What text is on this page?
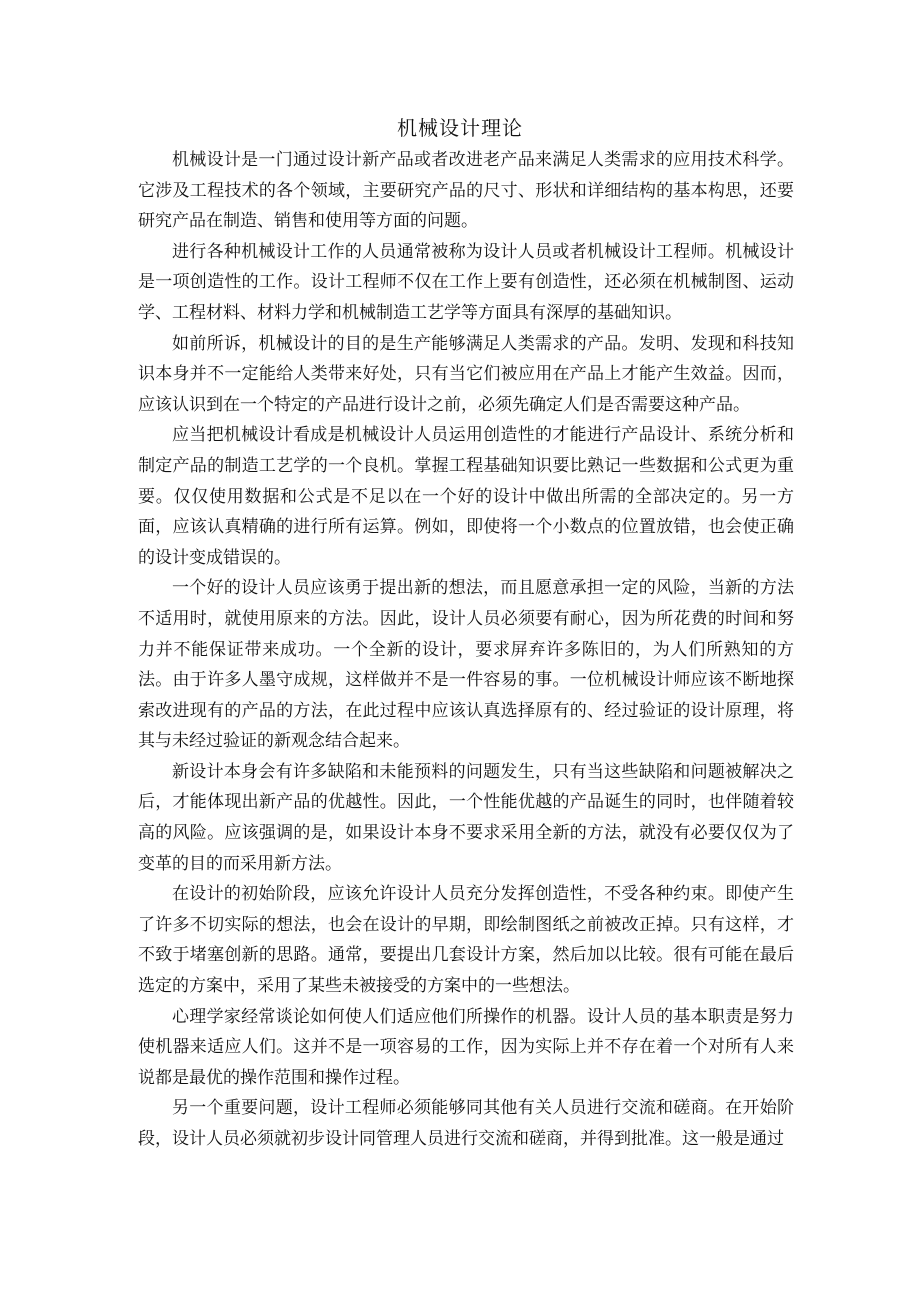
机械设计理论

机械设计是一门通过设计新产品或者改进老产品来满足人类需求的应用技术科学。它涉及工程技术的各个领域，主要研究产品的尺寸、形状和详细结构的基本构思，还要研究产品在制造、销售和使用等方面的问题。

进行各种机械设计工作的人员通常被称为设计人员或者机械设计工程师。机械设计是一项创造性的工作。设计工程师不仅在工作上要有创造性，还必须在机械制图、运动学、工程材料、材料力学和机械制造工艺学等方面具有深厚的基础知识。

如前所诉，机械设计的目的是生产能够满足人类需求的产品。发明、发现和科技知识本身并不一定能给人类带来好处，只有当它们被应用在产品上才能产生效益。因而，应该认识到在一个特定的产品进行设计之前，必须先确定人们是否需要这种产品。

应当把机械设计看成是机械设计人员运用创造性的才能进行产品设计、系统分析和制定产品的制造工艺学的一个良机。掌握工程基础知识要比熟记一些数据和公式更为重要。仅仅使用数据和公式是不足以在一个好的设计中做出所需的全部决定的。另一方面，应该认真精确的进行所有运算。例如，即使将一个小数点的位置放错，也会使正确的设计变成错误的。

一个好的设计人员应该勇于提出新的想法，而且愿意承担一定的风险，当新的方法不适用时，就使用原来的方法。因此，设计人员必须要有耐心，因为所花费的时间和努力并不能保证带来成功。一个全新的设计，要求屏弃许多陈旧的，为人们所熟知的方法。由于许多人墨守成规，这样做并不是一件容易的事。一位机械设计师应该不断地探索改进现有的产品的方法，在此过程中应该认真选择原有的、经过验证的设计原理，将其与未经过验证的新观念结合起来。

新设计本身会有许多缺陷和未能预料的问题发生，只有当这些缺陷和问题被解决之后，才能体现出新产品的优越性。因此，一个性能优越的产品诞生的同时，也伴随着较高的风险。应该强调的是，如果设计本身不要求采用全新的方法，就没有必要仅仅为了变革的目的而采用新方法。

在设计的初始阶段，应该允许设计人员充分发挥创造性，不受各种约束。即使产生了许多不切实际的想法，也会在设计的早期，即绘制图纸之前被改正掉。只有这样，才不致于堵塞创新的思路。通常，要提出几套设计方案，然后加以比较。很有可能在最后选定的方案中，采用了某些未被接受的方案中的一些想法。

心理学家经常谈论如何使人们适应他们所操作的机器。设计人员的基本职责是努力使机器来适应人们。这并不是一项容易的工作，因为实际上并不存在着一个对所有人来说都是最优的操作范围和操作过程。

另一个重要问题，设计工程师必须能够同其他有关人员进行交流和磋商。在开始阶段，设计人员必须就初步设计同管理人员进行交流和磋商，并得到批准。这一般是通过
